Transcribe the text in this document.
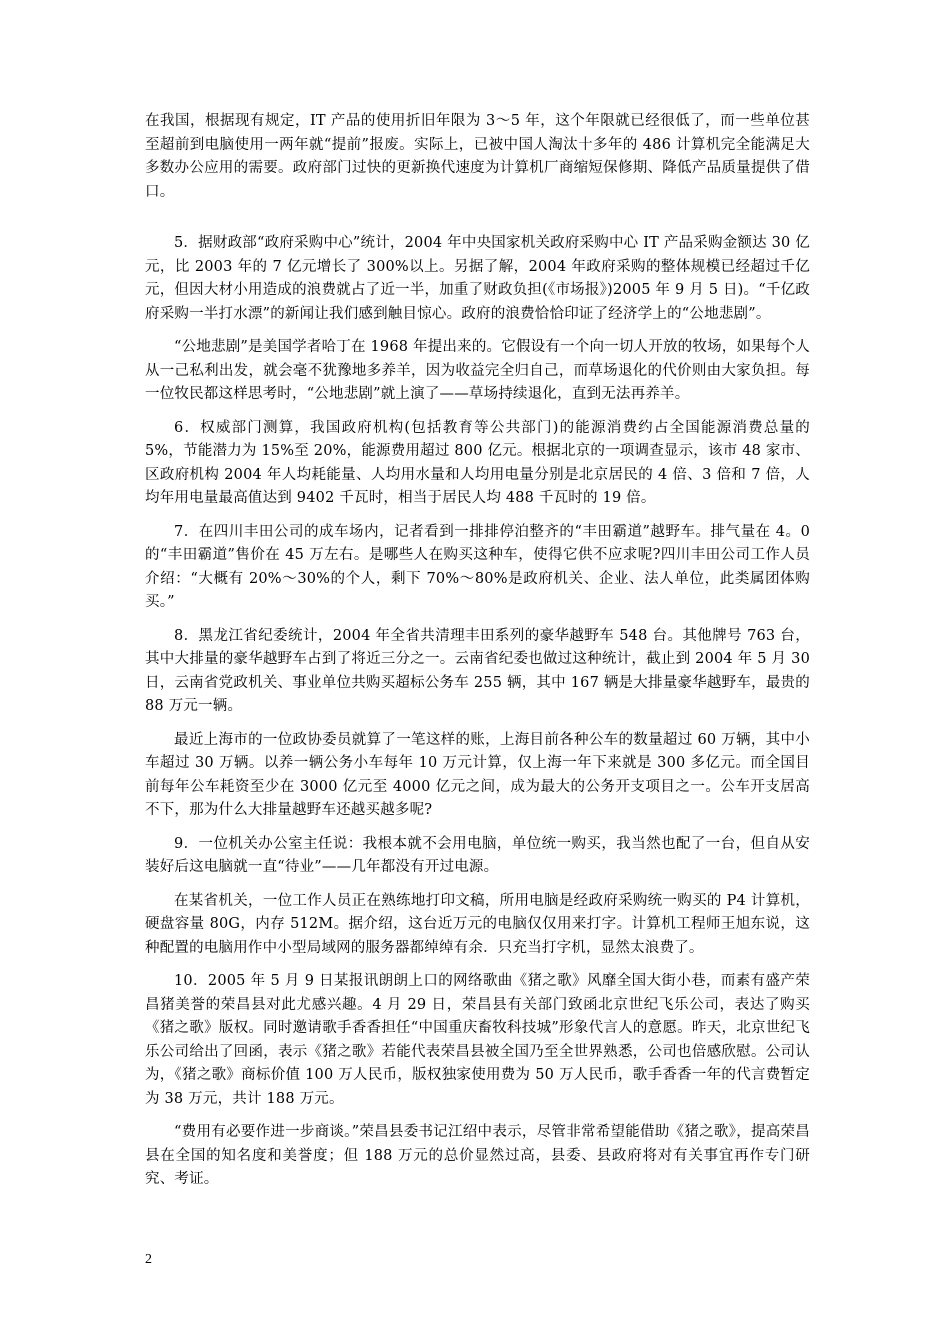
在我国，根据现有规定，IT 产品的使用折旧年限为 3～5 年，这个年限就已经很低了，而一些单位甚至超前到电脑使用一两年就“提前”报废。实际上，已被中国人淘汰十多年的 486 计算机完全能满足大多数办公应用的需要。政府部门过快的更新换代速度为计算机厂商缩短保修期、降低产品质量提供了借口。

5．据财政部“政府采购中心”统计，2004 年中央国家机关政府采购中心 IT 产品采购金额达 30 亿元，比 2003 年的 7 亿元增长了 300%以上。另据了解，2004 年政府采购的整体规模已经超过千亿元，但因大材小用造成的浪费就占了近一半，加重了财政负担(《市场报》)2005 年 9 月 5 日)。“千亿政府采购一半打水漂”的新闻让我们感到触目惊心。政府的浪费恰恰印证了经济学上的“公地悲剧”。

“公地悲剧”是美国学者哈丁在 1968 年提出来的。它假设有一个向一切人开放的牧场，如果每个人从一己私利出发，就会毫不犹豫地多养羊，因为收益完全归自己，而草场退化的代价则由大家负担。每一位牧民都这样思考时，“公地悲剧”就上演了——草场持续退化，直到无法再养羊。

6．权威部门测算，我国政府机构(包括教育等公共部门)的能源消费约占全国能源消费总量的 5%，节能潜力为 15%至 20%，能源费用超过 800 亿元。根据北京的一项调查显示，该市 48 家市、区政府机构 2004 年人均耗能量、人均用水量和人均用电量分别是北京居民的 4 倍、3 倍和 7 倍，人均年用电量最高值达到 9402 千瓦时，相当于居民人均 488 千瓦时的 19 倍。

7．在四川丰田公司的成车场内，记者看到一排排停泊整齐的“丰田霸道”越野车。排气量在 4。0 的“丰田霸道”售价在 45 万左右。是哪些人在购买这种车，使得它供不应求呢?四川丰田公司工作人员介绍：“大概有 20%～30%的个人，剩下 70%～80%是政府机关、企业、法人单位，此类属团体购买。”

8．黑龙江省纪委统计，2004 年全省共清理丰田系列的豪华越野车 548 台。其他牌号 763 台，其中大排量的豪华越野车占到了将近三分之一。云南省纪委也做过这种统计，截止到 2004 年 5 月 30 日，云南省党政机关、事业单位共购买超标公务车 255 辆，其中 167 辆是大排量豪华越野车，最贵的 88 万元一辆。

最近上海市的一位政协委员就算了一笔这样的账，上海目前各种公车的数量超过 60 万辆，其中小车超过 30 万辆。以养一辆公务小车每年 10 万元计算，仅上海一年下来就是 300 多亿元。而全国目前每年公车耗资至少在 3000 亿元至 4000 亿元之间，成为最大的公务开支项目之一。公车开支居高不下，那为什么大排量越野车还越买越多呢?

9．一位机关办公室主任说：我根本就不会用电脑，单位统一购买，我当然也配了一台，但自从安装好后这电脑就一直“待业”——几年都没有开过电源。

在某省机关，一位工作人员正在熟练地打印文稿，所用电脑是经政府采购统一购买的 P4 计算机，硬盘容量 80G，内存 512M。据介绍，这台近万元的电脑仅仅用来打字。计算机工程师王旭东说，这种配置的电脑用作中小型局域网的服务器都绰绰有余．只充当打字机，显然太浪费了。

10．2005 年 5 月 9 日某报讯朗朗上口的网络歌曲《猪之歌》风靡全国大街小巷，而素有盛产荣昌猪美誉的荣昌县对此尤感兴趣。4 月 29 日，荣昌县有关部门致函北京世纪飞乐公司，表达了购买《猪之歌》版权。同时邀请歌手香香担任“中国重庆畜牧科技城”形象代言人的意愿。昨天，北京世纪飞乐公司给出了回函，表示《猪之歌》若能代表荣昌县被全国乃至全世界熟悉，公司也倍感欣慰。公司认为，《猪之歌》商标价值 100 万人民币，版权独家使用费为 50 万人民币，歌手香香一年的代言费暂定为 38 万元，共计 188 万元。

“费用有必要作进一步商谈。”荣昌县委书记江绍中表示，尽管非常希望能借助《猪之歌》，提高荣昌县在全国的知名度和美誉度；但 188 万元的总价显然过高，县委、县政府将对有关事宜再作专门研究、考证。

2
